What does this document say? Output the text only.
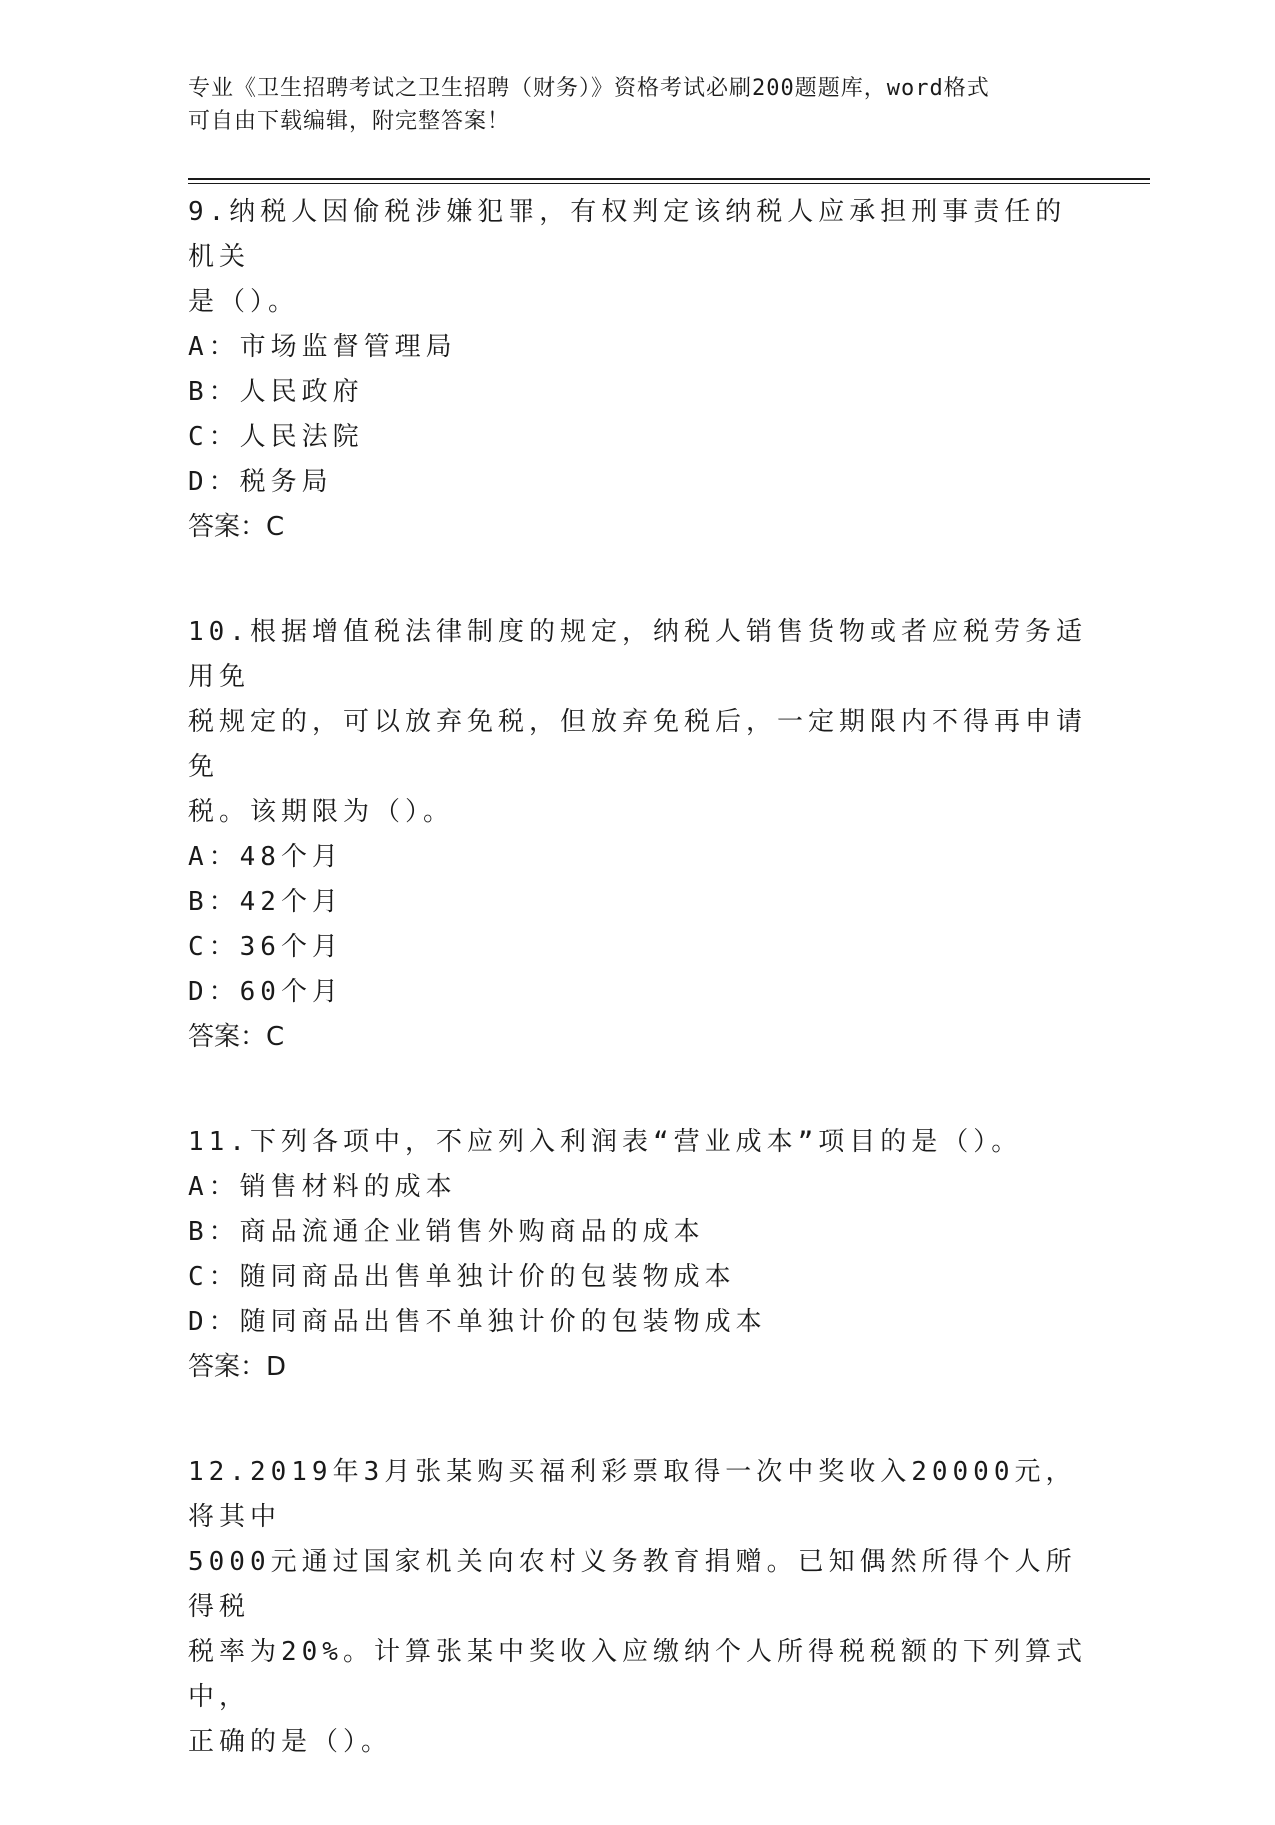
专业《卫生招聘考试之卫生招聘（财务）》资格考试必刷200题题库，word格式
可自由下载编辑，附完整答案！

9.纳税人因偷税涉嫌犯罪，有权判定该纳税人应承担刑事责任的机关

是（）。

A：市场监督管理局

B：人民政府

C：人民法院

D：税务局

答案：C

10.根据增值税法律制度的规定，纳税人销售货物或者应税劳务适用免

税规定的，可以放弃免税，但放弃免税后，一定期限内不得再申请免

税。该期限为（）。

A：48个月

B：42个月

C：36个月

D：60个月

答案：C

11.下列各项中，不应列入利润表“营业成本”项目的是（）。

A：销售材料的成本

B：商品流通企业销售外购商品的成本

C：随同商品出售单独计价的包装物成本

D：随同商品出售不单独计价的包装物成本

答案：D

12.2019年3月张某购买福利彩票取得一次中奖收入20000元，将其中

5000元通过国家机关向农村义务教育捐赠。已知偶然所得个人所得税

税率为20%。计算张某中奖收入应缴纳个人所得税税额的下列算式中，

正确的是（）。
